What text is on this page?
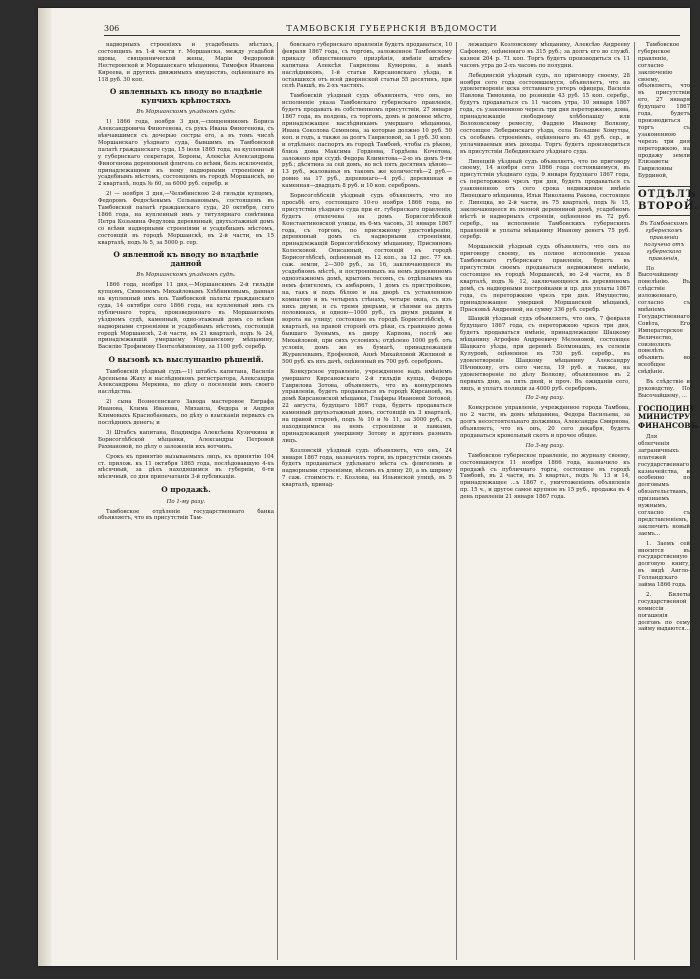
306	ТАМБОВСКІЯ ГУБЕРНСКІЯ ВѢДОМОСТИ

надворныхъ строеніяхъ и усадебныхъ мѣстахъ, состоящихъ въ 1-й части г. Моршанска, между усадьбой вдовы, священнической жены, Маріи Федоровой Нестеровской и Моршанскаго мѣщанина, Тимофея Ивановa Киреева, и другихъ движимыхъ имуществъ, оцѣненнаго въ 118 руб. 30 коп.

О явленныхъ къ вводу во владѣніе купчихъ крѣпостяхъ

Въ Моршанскомъ уѣздномъ судѣ:

1) 1866 года, ноября 3 дня,—священникомъ Бориса Александровича Финогенова, съ рукъ Ивана Финогенова, съ вѣнчавшимся съ дочерью сестры его, а въ томъ числѣ Моршанскаго уѣзднаго суда, бывшимъ въ Тамбовской палатѣ гражданскаго суда, 15 іюля 1865 года, на купленный у губернскаго секретаря, Бороны, Алексѣя Александрова Финогенова деревянный флигель со всѣми, безъ исключенія, принадлежащими къ нему надворными строеніями и усадебнымъ мѣстомъ, состоящемъ въ городѣ Моршанскѣ, во 2 кварталѣ, подъ № 60, за 6000 руб. серебр. и

2) — ноября 3 дня,—Челябинскою 2-й гильдіи купцомъ, Федоромъ Федосѣевымъ Сельвановымъ, состоящемъ въ Тамбовской палатѣ гражданскаго суда, 20 октября, сего 1866 года, на купленный имъ у титулярнаго совѣтника Петра Козьмина Федулова деревянный, двухъэтажный домъ со всѣми надворными строеніями и усадебнымъ мѣстомъ, состоящій въ городѣ Моршанскѣ, въ 2-й части, въ 15 кварталѣ, подъ № 5, за 5000 р. сер.

О явленной къ вводу во владѣніе данной

Въ Моршанскомъ уѣздномъ судѣ.

1866 года, ноября 11 дня,—Моршанскимъ 2-й гильдіи купцомъ, Симеономъ Михайловымъ Хлѣбниковымъ, данная на купленный имъ изъ Тамбовской палаты гражданскаго суда, 14 октября сего 1866 года, на купленный имъ съ публичнаго торга, произведеннаго въ Моршанскомъ уѣздномъ судѣ, каменный, одно-этажный домъ со всѣми надворными строеніями и усадебнымъ мѣстомъ, состоящій городѣ Моршанскѣ, 2-й части, въ 21 кварталѣ, подъ № 24, принадлежавшій умершему Моршанскому мѣщанину, Василію Трофимову Пентелѣймонову, за 1100 руб. серебр.

О вызовѣ къ выслушанію рѣшеній.

Тамбовскій уѣздный судъ—1) штабсъ капитана, Василія Арсеньева Жаху и наслѣдниковъ регистратора, Александра Александрова Меркина, по дѣлу о поселеніи имъ своего наслѣдства.

2) сына Вознесенскаго Завода мастеровое Евграфа Иванова, Клима Иванова, Михаила, Федора и Андрея Климовыхъ Краснобаевыхъ, по дѣлу о взысканіи первыхъ съ послѣднихъ денегъ; и

3) Штабсъ капитана, Владиміра Алексѣева Кузичкина и Борисоглѣбской мѣщанки, Александры Петровой Рахмановой, по дѣлу о заложеніи ихъ вотчинъ.

Срокъ къ принятію вызываемыхъ лицъ, къ принятію 104 ст. прилож. къ 11 октября 1865 года, послѣдовавшую 4-хъ мѣсячный, за дѣлъ находящимся въ губерніи, 6-ти мѣсячный, со дня припечатанія 3-й публикаціи.

О продажѣ.

По 1-му разу.

Тамбовское отдѣленіе государственнаго банка объявляетъ, что въ присутствіи Там-

бовскаго губернскаго правленія будетъ продаваться, 10 февраля 1867 года, съ торговъ, заложенное Тамбовскому приказу общественнаго призрѣнія, имѣніе штабсъ-капитана Алексѣя Гаврилова Кумерова, а нынѣ наслѣдниковъ, 1-й статьи Кирсановскаго уѣзда, и оставшихся отъ всей дворянской статьи 55 десятинъ, при селѣ Ракшѣ, въ 2-хъ частяхъ.

Тамбовскій уѣздный судъ объявляетъ, что онъ, во исполненіе указа Тамбовскаго губернскаго правленія, будетъ продавать въ собственномъ присутствіи, 27 января 1867 года, въ полдень, съ торговъ, домъ и домовое мѣсто, принадлежащее наслѣдникамъ умершаго мѣщанина, Ивана Соколова Семенова, за которые должно 10 руб. 50 коп. и годъ, а также за долгъ Гавриловой, за 1 руб. 30 коп. и отдѣльно: паспортъ въ городѣ Тамбовѣ, чтобы съ рѣкою, близь дома Максима Гордеева, Гордѣева Кочетова, заложено при ссудѣ Федора Климетова—2-ю въ домъ 9-ти руб.; дѣсятина за сей домъ, во всѣ пять десятинъ цѣною—13 руб., жалованья въ такомъ же количествѣ—2 руб.—ровно на 17 руб., деревянаго—4 руб.; деревянная и каменная—двадцать 8 руб. и 10 коп. серебромъ.

Борисоглѣбскій уѣздный судъ объявляетъ, что по просьбѣ его, состоящаго 10-го ноября 1866 года, во присутствіи уѣзднаго суда при ег. губернскаго правленія, будетъ отвлечена на домъ Борисоглѣбской Константиновской улицы, въ 6-мъ часовъ, 31 января 1867 года, съ торговъ, по присяжному удостовѣренію, деревянный домъ съ надворными строеніями, принадлежащій Борисоглѣбскому мѣщанину, Присвиновъ Колесковой. Описанный, состоящій въ городѣ Борисоглѣбскѣ, оцѣненный въ 12 коп., за 12 дес. 77 кв. саж. земли, 2—300 руб., за 16, заключающееся въ усадебномъ мѣстѣ, и построенныхъ на немъ деревянномъ одноэтажномъ домѣ, крытомъ тесомъ, съ отдѣльнымъ на немъ флигелемъ, съ амбаромъ, 1 домъ съ пристройкою, на, такъ и подъ бѣлою и на дворѣ съ уставленною комнатою и въ четырехъ стѣнахъ, четыре окна, съ изъ нихъ двумя, и съ тремя дверьми, и сѣнями на двухъ половинахъ, и одною—1000 руб., съ двумя рядами и ворота на улицу; состоящее въ городѣ Борисоглѣбскѣ, 4 кварталѣ, на правой сторонѣ отъ рѣки, съ границею дома бывшаго Зуевымъ, къ двору Карпова, послѣ же Михайловой, при сихъ условіяхъ; отдѣлено 1000 руб. отъ условія, домъ же въ бумагѣ, принадлежащей Журавлевымъ, Ерофеевой, Аннѣ Михайловой Жилиной и 500 руб. къ ихъ дачѣ, оцѣненный въ 700 руб. серебромъ.

Конкурсное управленіе, учрежденное надъ имѣніемъ умершаго Кирсановскаго 2-й гильдіи купца, Федора Гаврилова Зотова, объявляетъ, что въ конкурсномъ управленіи, будетъ продаваться въ городѣ Кирсановѣ, въ домѣ Кирсановской мѣщанки, Глафиры Ивановой Зотовой, 22 августа, будущаго 1867 года, будетъ продаваться каменный двухъэтажный домъ, состоящій въ 3 кварталѣ, на правой сторонѣ, подъ № 10 и № 11, за 3000 руб., съ находящимися на немъ строеніями и лавками, принадлежащей умершему Зотову и другимъ разныхъ лицъ.

Козловскій уѣздный судъ объявляетъ, что онъ, 24 января 1867 года, назначилъ торги, въ присутствіи своемъ будетъ продаваться удѣльнаго мѣста съ флигелемъ и надворными строеніями, вѣсомъ въ длину 20, а въ ширину 7 саж. стоимость г. Козлова, на Ильинской улицѣ, въ 5 кварталѣ, принад-

лежащаго Козловскому мѣщанину, Алексѣю Андрееву Сафонову, оцѣненнаго въ 315 руб.; за долгъ его во служб. казнеи 204 р. 71 коп. Торгъ будетъ производиться съ 11 часовъ утра до 2-хъ часовъ по полудни.

Лебединскій уѣздный судъ, по приговору своему, 28 ноября сего года состоявшемуся, объявляетъ, что на удовлетвореніе иска отставнаго унтеръ офицера, Василія Павлова Тимохина, по розниціи 43 руб. 15 коп. серебр., будутъ продаваться съ 11 часовъ утра, 10 января 1867 года, съ узаконенною черезъ три дня переторжкою, дома, принадлежащіе свободному хлѣбопашцу или Волоховскому ремеслу, Фаддею Иванову Волкову, состоящее Лебединскаго уѣзда, села Большие Хомутцы, съ особымъ строеніемъ, оцѣненнаго въ 45 руб. сер., и уплачиваемыя имъ доходы. Торгъ будетъ производиться въ присутствіи Лебединскаго уѣзднаго суда.

Липецкій уѣздный судъ объявляетъ, что по приговору своему, 14 ноября сего 1866 года состоявшемуся, въ присутствіи уѣзднаго суда, 9 января будущаго 1867 года, съ переторжкою чрезъ три дня, будетъ продаваться съ узаконенною отъ сего срока недвижимое имѣніе Липецкаго мѣщанина, Ильи Николаева Ракова, состоящее г. Липецка, во 2-й части, въ 75 кварталѣ, подъ № 15, заключающееся въ полной деревянной домѣ, усадебномъ мѣстѣ и надворныхъ строеніи, оцѣненное въ 72 руб. серебр., на исполненіе Тамбовскихъ губернскихъ правленій и уплаты мѣщанину Иванову денегъ 75 руб. серебр.

Моршанскій уѣздный судъ объявляетъ, что онъ по приговору своему, въ полное исполненіе указа Тамбовскаго губернскаго правленія, будетъ въ присутствіи своемъ продаваться недвижимое имѣніе, состоящее въ городѣ Моршанскѣ, во 2-й части, въ 8 кварталѣ, подъ № 12, заключающееся въ деревянномъ домѣ, съ надворными постройками и пр. для уплаты 1867 года, съ переторжкою чрезъ три дня. Имущество, принадлежащее умершей Моршанской мѣщанкѣ, Прасковьѣ Андреевой, на сумму 336 руб. серебр.

Шацкій уѣздный судъ объявляетъ, что онъ, 7 февраля будущаго 1867 года, съ переторжкою чрезъ три дня, будетъ продаваться имѣніе, принадлежащее Шацкому мѣщанину Агрофею Андреевичу Мелоновой, состоящее Шацкаго уѣзда, при деревнѣ Болмонашъ, въ селеніи Кулуровѣ, оцѣненное въ 730 руб. серебр., въ удовлетвореніе Шацкому мѣщанину Александру Пѣчникову, отъ сего числа, 19 руб. и также, на удовлетвореніе по дѣлу Волкову, объявленное въ 2 первыхъ дню, за пять дней, и проч. Въ ожиданіи сего, лицъ, и уплатъ полиціи за 4000 руб. серебромъ.

По 2-му разу.

Конкурсное управленіе, учрежденное города Тамбова, по 2 части, въ домъ мѣщанина, Федора Васильева, за долгъ несостоятельнаго должника, Александра Смирнова, объявляетъ, что въ онъ, 20 сего декабря, будетъ продаваться кровельный скотъ и прочее общее.

По 3-му разу.

Тамбовское губернское правленіе, по журналу своему, состоявшемуся 11 ноября 1866 года, назначило къ продажѣ съ публичнаго торга, состоящее въ городѣ Тамбовѣ, въ 2 части, въ 3 квартал., подъ № 13 и 14, принадлежащее ...ъ 1867 г., уничтоженіемъ объявленія пр. 15 ч., и другое самое крупное въ 15 руб., продажа въ 4 день правленіи 21 января 1867 года.

Тамбовское губернское правленіе, согласно заключенію своему, объявляетъ, что въ присутствіи его, 27 января будущаго 1867 года, будетъ производиться торгъ съ узаконенною черезъ три дня переторжкою, на продажу земли Елизаветы Гавриловны Бурдиной,

ОТДѢЛЪ ВТОРОЙ.

Въ Тамбовскомъ губернскомъ правленіи получено отъ губернскаго правленія,

По Высочайшему повелѣнію. Въ слѣдствіе изложеннаго, согласно съ мнѣніемъ Государственнаго Совѣта, Его Императорское Величество, соизволилъ повелѣть объявить во всеобщее свѣдѣніе.

Въ слѣдствіе и руководству. По Высочайшему, ...

ГОСПОДИНУ МИНИСТРУ ФИНАНСОВЪ.

Для облегченія заграничныхъ платежей государственнаго казначейства, и особенно по долговымъ обязательствамъ, признаемъ нужнымъ, согласно съ представленіемъ, заключить новый заемъ...

1. Заемъ сей вносится въ государственную долговую книгу, въ видѣ Англо-Голландскаго займа 1866 года.

2. Билеты государственной комиссіи погашенія долговъ по сему займу выдаются...
